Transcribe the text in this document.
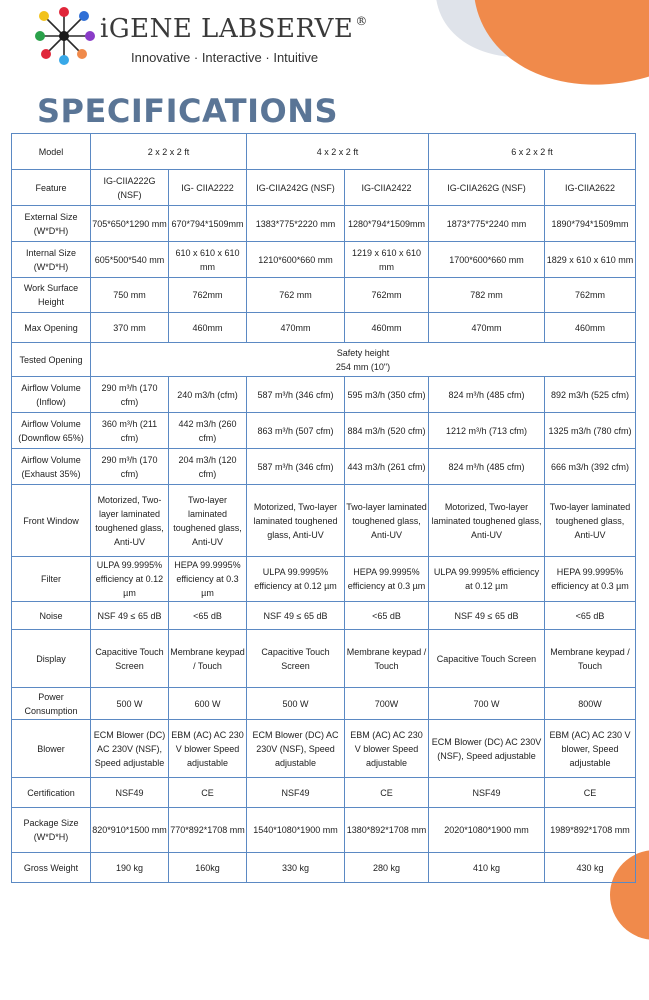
iGENE LABSERVE ®
Innovative · Interactive · Intuitive
SPECIFICATIONS
Model	2 x 2 x 2 ft		4 x 2 x 2 ft		6 x 2 x 2 ft	
Feature	IG-CIIA222G (NSF)	IG- CIIA2222	IG-CIIA242G (NSF)	IG-CIIA2422	IG-CIIA262G (NSF)	IG-CIIA2622
External Size (W*D*H)	705*650*1290 mm	670*794*1509mm	1383*775*2220 mm	1280*794*1509mm	1873*775*2240 mm	1890*794*1509mm
Internal Size (W*D*H)	605*500*540 mm	610 x 610 x 610 mm	1210*600*660 mm	1219 x 610 x 610 mm	1700*600*660 mm	1829 x 610 x 610 mm
Work Surface Height	750 mm	762mm	762 mm	762mm	782 mm	762mm
Max Opening	370 mm	460mm	470mm	460mm	470mm	460mm
Tested Opening	Safety height
254 mm (10")					

Airflow Volume (Inflow)	290 m³/h (170 cfm)	240 m3/h (cfm)	587 m³/h (346 cfm)	595 m3/h (350 cfm)	824 m³/h (485 cfm)	892 m3/h (525 cfm)
Airflow Volume (Downflow 65%)	360 m³/h (211 cfm)	442 m3/h (260 cfm)	863 m³/h (507 cfm)	884 m3/h (520 cfm)	1212 m³/h (713 cfm)	1325 m3/h (780 cfm)
Airflow Volume (Exhaust 35%)	290 m³/h (170 cfm)	204 m3/h (120 cfm)	587 m³/h (346 cfm)	443 m3/h (261 cfm)	824 m³/h (485 cfm)	666 m3/h (392 cfm)
Front Window	Motorized, Two-layer laminated toughened glass, Anti-UV	Two-layer laminated toughened glass, Anti-UV	Motorized, Two-layer laminated toughened glass, Anti-UV	Two-layer laminated toughened glass, Anti-UV	Motorized, Two-layer laminated toughened glass, Anti-UV	Two-layer laminated toughened glass, Anti-UV
Filter	ULPA 99.9995% efficiency at 0.12 µm	HEPA 99.9995% efficiency at 0.3 µm	ULPA 99.9995% efficiency at 0.12 µm	HEPA 99.9995% efficiency at 0.3 µm	ULPA 99.9995% efficiency at 0.12 µm	HEPA 99.9995% efficiency at 0.3 µm
Noise	NSF 49 ≤ 65 dB	<65 dB	NSF 49 ≤ 65 dB	<65 dB	NSF 49 ≤ 65 dB	<65 dB
Display	Capacitive Touch Screen	Membrane keypad / Touch	Capacitive Touch Screen	Membrane keypad / Touch	Capacitive Touch Screen	Membrane keypad / Touch
Power Consumption	500 W	600 W	500 W	700W	700 W	800W
Blower	ECM Blower (DC) AC 230V (NSF), Speed adjustable	EBM (AC) AC 230 V blower Speed adjustable	ECM Blower (DC) AC 230V (NSF), Speed adjustable	EBM (AC) AC 230 V blower Speed adjustable	ECM Blower (DC) AC 230V (NSF), Speed adjustable	EBM (AC) AC 230 V blower, Speed adjustable
Certification	NSF49	CE	NSF49	CE	NSF49	CE
Package Size (W*D*H)	820*910*1500 mm	770*892*1708 mm	1540*1080*1900 mm	1380*892*1708 mm	2020*1080*1900 mm	1989*892*1708 mm
Gross Weight	190 kg	160kg	330 kg	280 kg	410 kg	430 kg
